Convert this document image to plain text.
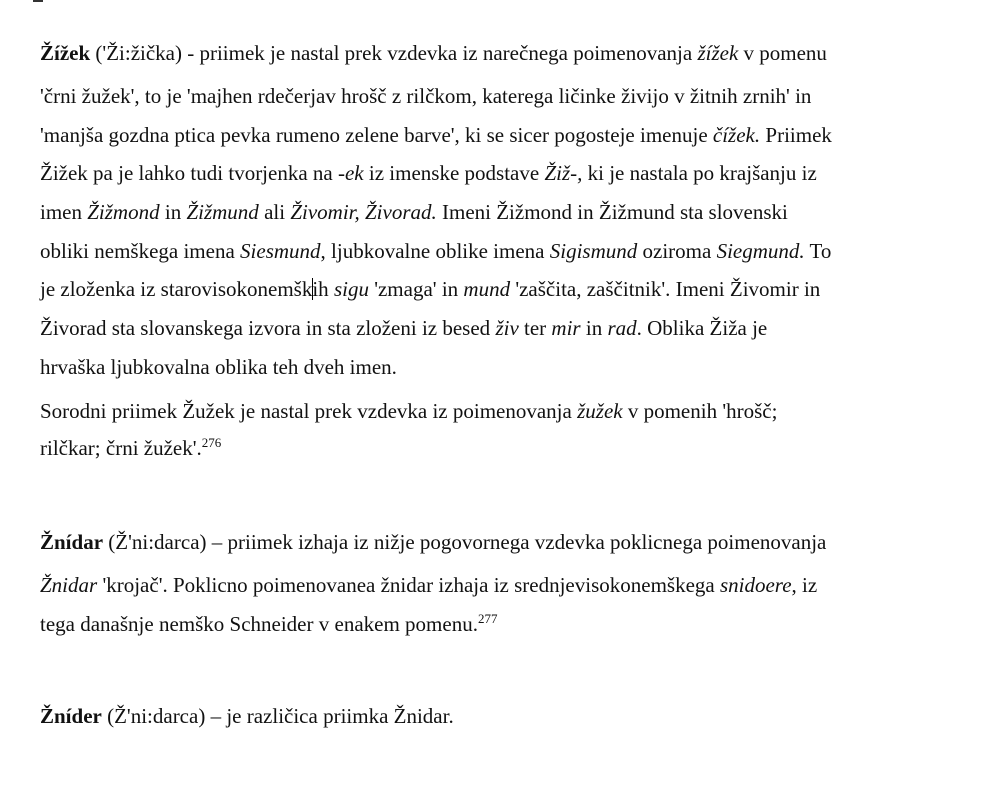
Žížek ('Ži:žička) - priimek je nastal prek vzdevka iz narečnega poimenovanja žížek v pomenu
'črni žužek', to je 'majhen rdečerjav hrošč z rilčkom, katerega ličinke živijo v žitnih zrnih' in
'manjša gozdna ptica pevka rumeno zelene barve', ki se sicer pogosteje imenuje čížek. Priimek
Žižek pa je lahko tudi tvorjenka na -ek iz imenske podstave Žiž-, ki je nastala po krajšanju iz
imen Žižmond in Žižmund ali Živomir, Živorad. Imeni Žižmond in Žižmund sta slovenski
obliki nemškega imena Siesmund, ljubkovalne oblike imena Sigismund oziroma Siegmund. To
je zloženka iz starovisokonemških sigu 'zmaga' in mund 'zaščita, zaščitnik'. Imeni Živomir in
Živorad sta slovanskega izvora in sta zloženi iz besed živ ter mir in rad. Oblika Žiža je
hrvaška ljubkovalna oblika teh dveh imen.
Sorodni priimek Žužek je nastal prek vzdevka iz poimenovanja žužek v pomenih 'hrošč;
rilčkar; črni žužek'.$^{276}$
Žnídar (Ž'ni:darca) – priimek izhaja iz nižje pogovornega vzdevka poklicnega poimenovanja
Žnidar 'krojač'. Poklicno poimenovanea žnidar izhaja iz srednjevisokonemškega snidoere, iz
tega današnje nemško Schneider v enakem pomenu.$^{277}$
Žníder (Ž'ni:darca) – je različica priimka Žnidar.
